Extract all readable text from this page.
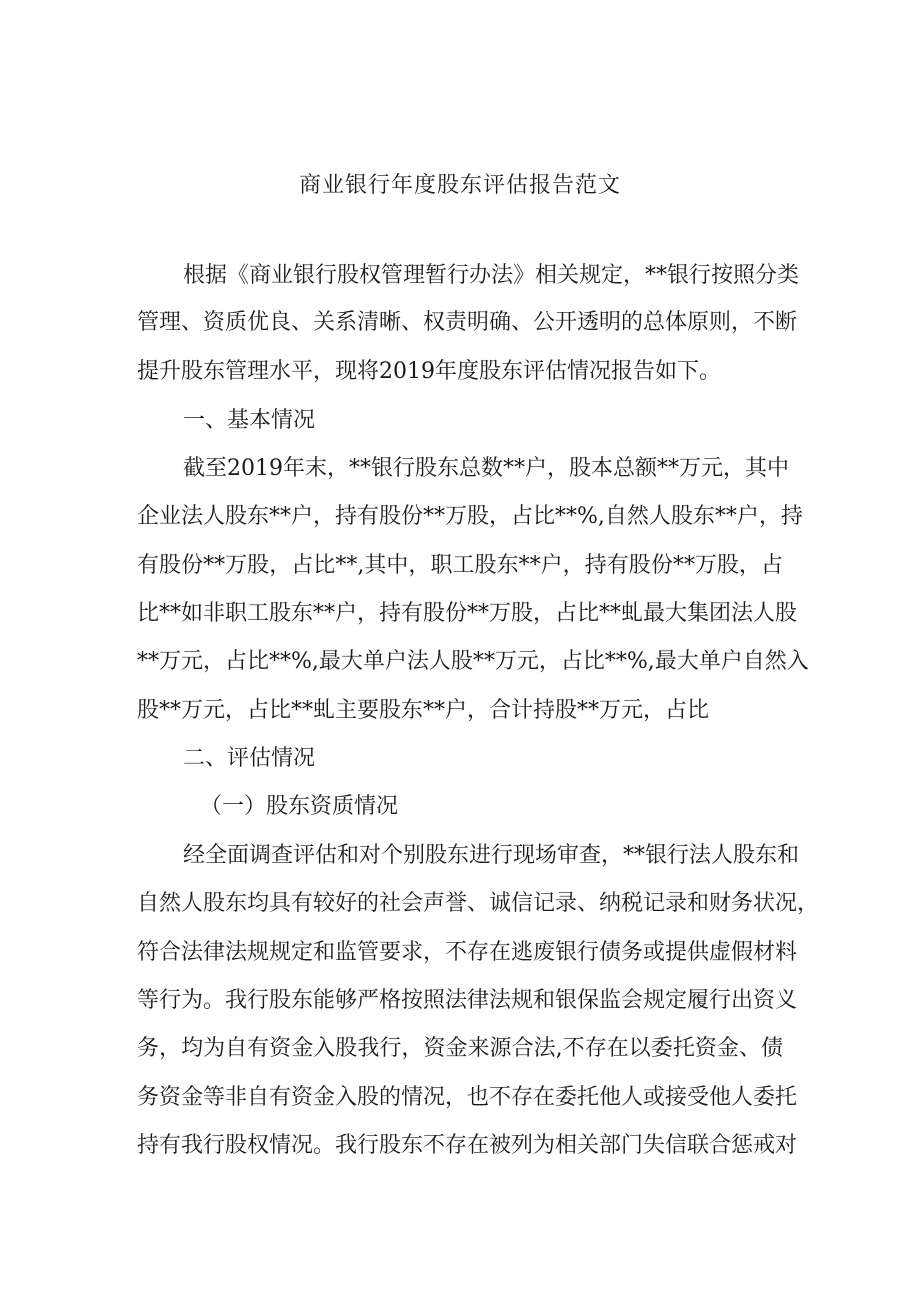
商业银行年度股东评估报告范文
根据《商业银行股权管理暂行办法》相关规定，**银行按照分类
管理、资质优良、关系清晰、权责明确、公开透明的总体原则，不断
提升股东管理水平，现将2019年度股东评估情况报告如下。
一、基本情况
截至2019年末，**银行股东总数**户，股本总额**万元，其中
企业法人股东**户，持有股份**万股，占比**%,自然人股东**户，持
有股份**万股，占比**,其中，职工股东**户，持有股份**万股，占
比**如非职工股东**户，持有股份**万股，占比**虬最大集团法人股
**万元，占比**%,最大单户法人股**万元，占比**%,最大单户自然入
股**万元，占比**虬主要股东**户，合计持股**万元，占比
二、评估情况
（一）股东资质情况
经全面调查评估和对个别股东进行现场审查，**银行法人股东和
自然人股东均具有较好的社会声誉、诚信记录、纳税记录和财务状况，
符合法律法规规定和监管要求，不存在逃废银行债务或提供虚假材料
等行为。我行股东能够严格按照法律法规和银保监会规定履行出资义
务，均为自有资金入股我行，资金来源合法,不存在以委托资金、债
务资金等非自有资金入股的情况，也不存在委托他人或接受他人委托
持有我行股权情况。我行股东不存在被列为相关部门失信联合惩戒对
